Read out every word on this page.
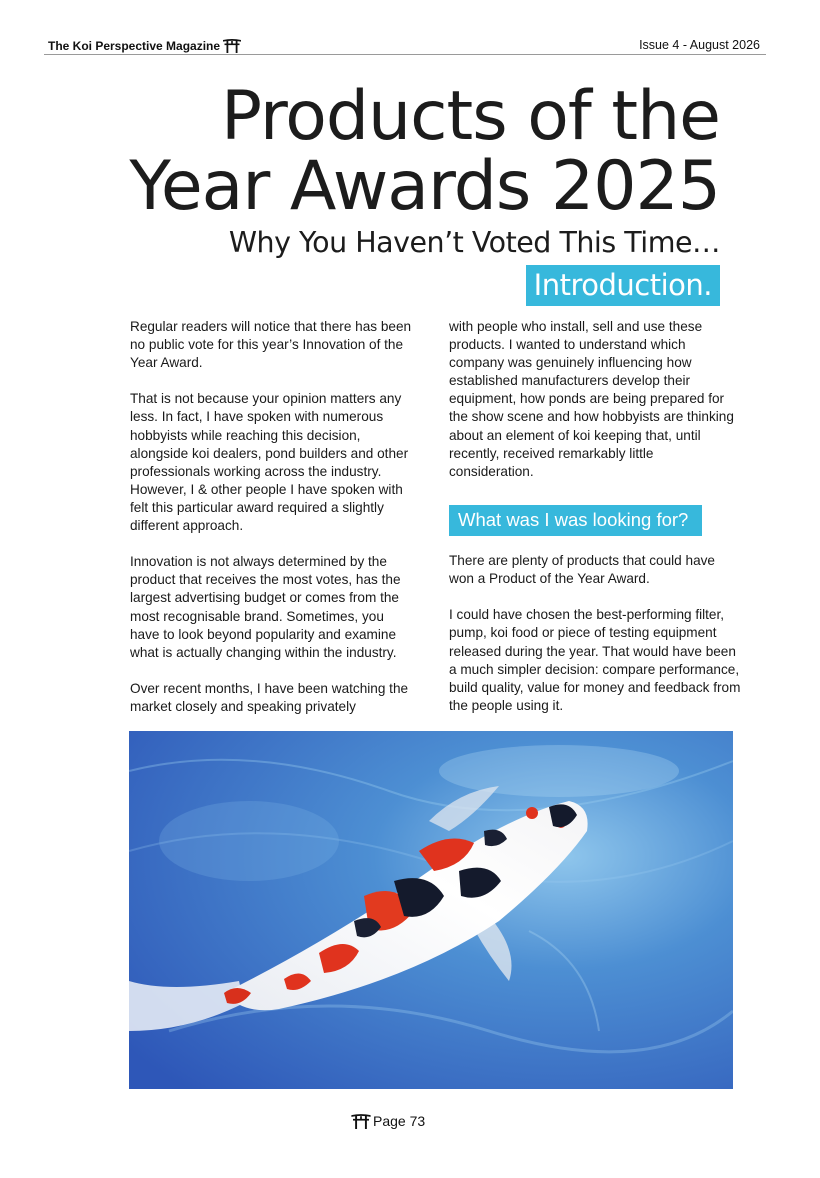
The Koi Perspective Magazine	Issue 4 - August 2026
Products of the
Year Awards 2025
Why You Haven’t Voted This Time…
Introduction.

Regular readers will notice that there has been no public vote for this year’s Innovation of the Year Award.

That is not because your opinion matters any less. In fact, I have spoken with numerous hobbyists while reaching this decision, alongside koi dealers, pond builders and other professionals working across the industry. However, I & other people I have spoken with felt this particular award required a slightly different approach.

Innovation is not always determined by the product that receives the most votes, has the largest advertising budget or comes from the most recognisable brand. Sometimes, you have to look beyond popularity and examine what is actually changing within the industry.

Over recent months, I have been watching the market closely and speaking privately

with people who install, sell and use these products. I wanted to understand which company was genuinely influencing how established manufacturers develop their equipment, how ponds are being prepared for the show scene and how hobbyists are thinking about an element of koi keeping that, until recently, received remarkably little consideration.

What was I was looking for?

There are plenty of products that could have won a Product of the Year Award.

I could have chosen the best-performing filter, pump, koi food or piece of testing equipment released during the year. That would have been a much simpler decision: compare performance, build quality, value for money and feedback from the people using it.

Page 73
